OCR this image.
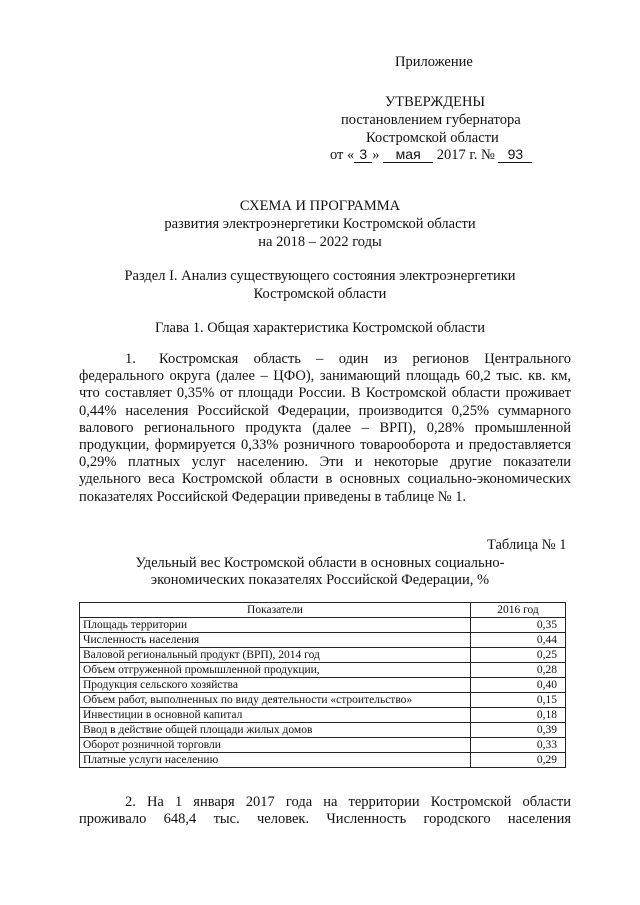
Приложение
УТВЕРЖДЕНЫ
постановлением губернатора
Костромской области
от « 3 » мая 2017 г. № 93
СХЕМА И ПРОГРАММА
развития электроэнергетики Костромской области
на 2018 – 2022 годы
Раздел I. Анализ существующего состояния электроэнергетики
Костромской области
Глава 1. Общая характеристика Костромской области
1. Костромская область – один из регионов Центрального федерального округа (далее – ЦФО), занимающий площадь 60,2 тыс. кв. км, что составляет 0,35% от площади России. В Костромской области проживает 0,44% населения Российской Федерации, производится 0,25% суммарного валового регионального продукта (далее – ВРП), 0,28% промышленной продукции, формируется 0,33% розничного товарооборота и предоставляется 0,29% платных услуг населению. Эти и некоторые другие показатели удельного веса Костромской области в основных социально-экономических показателях Российской Федерации приведены в таблице № 1.
Таблица № 1
Удельный вес Костромской области в основных социально-
экономических показателях Российской Федерации, %
Показатели	2016 год
Площадь территории	0,35
Численность населения	0,44
Валовой региональный продукт (ВРП), 2014 год	0,25
Объем отгруженной промышленной продукции,	0,28
Продукция сельского хозяйства	0,40
Объем работ, выполненных по виду деятельности «строительство»	0,15
Инвестиции в основной капитал	0,18
Ввод в действие общей площади жилых домов	0,39
Оборот розничной торговли	0,33
Платные услуги населению	0,29
2. На 1 января 2017 года на территории Костромской области
проживало 648,4 тыс. человек. Численность городского населения
